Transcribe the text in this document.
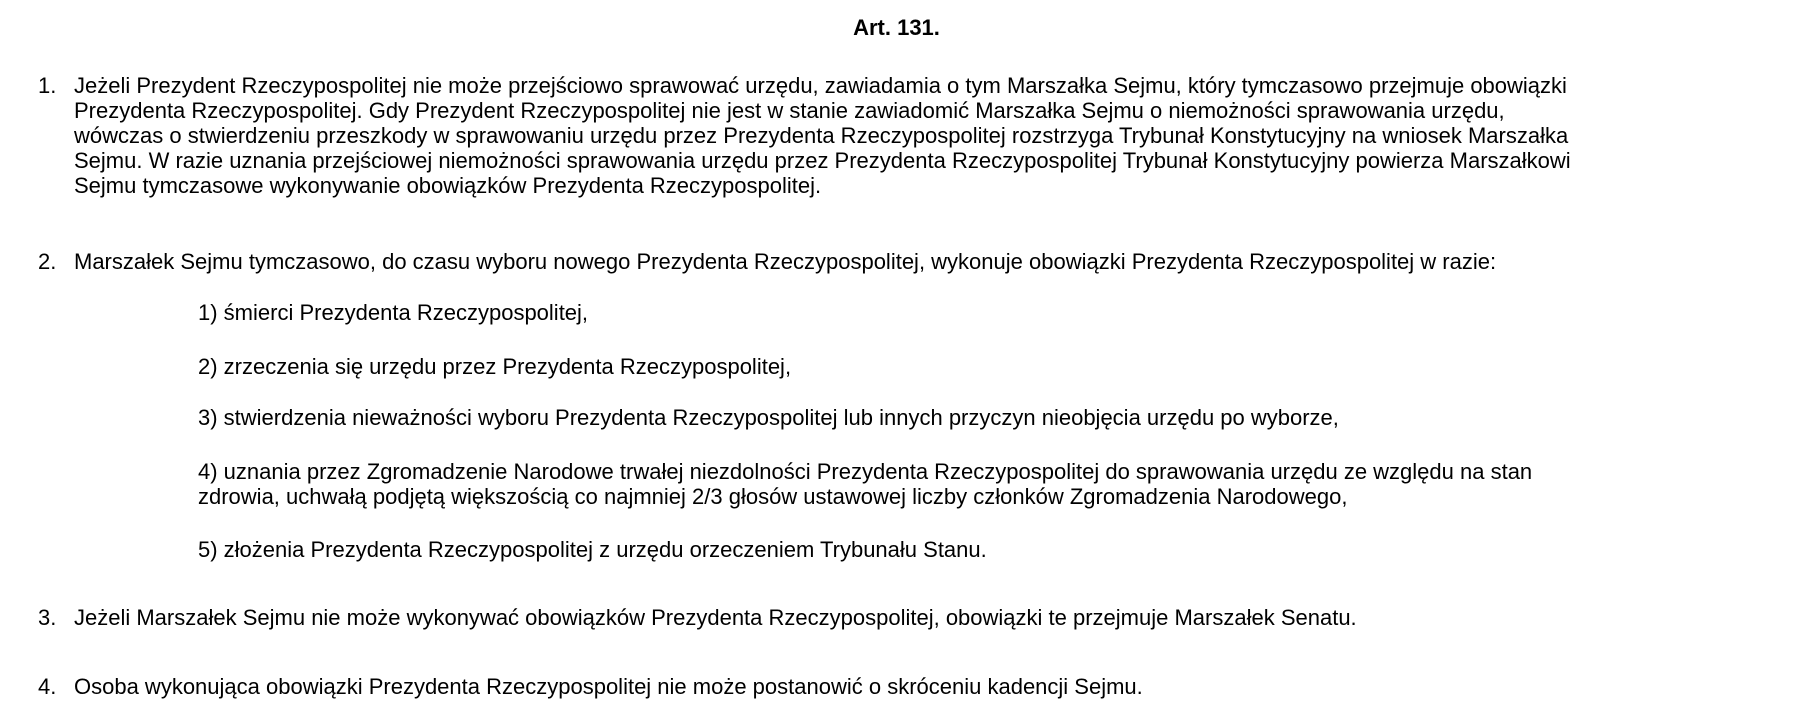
Art. 131.
1. Jeżeli Prezydent Rzeczypospolitej nie może przejściowo sprawować urzędu, zawiadamia o tym Marszałka Sejmu, który tymczasowo przejmuje obowiązki
Prezydenta Rzeczypospolitej. Gdy Prezydent Rzeczypospolitej nie jest w stanie zawiadomić Marszałka Sejmu o niemożności sprawowania urzędu,
wówczas o stwierdzeniu przeszkody w sprawowaniu urzędu przez Prezydenta Rzeczypospolitej rozstrzyga Trybunał Konstytucyjny na wniosek Marszałka
Sejmu. W razie uznania przejściowej niemożności sprawowania urzędu przez Prezydenta Rzeczypospolitej Trybunał Konstytucyjny powierza Marszałkowi
Sejmu tymczasowe wykonywanie obowiązków Prezydenta Rzeczypospolitej.
2. Marszałek Sejmu tymczasowo, do czasu wyboru nowego Prezydenta Rzeczypospolitej, wykonuje obowiązki Prezydenta Rzeczypospolitej w razie:
1) śmierci Prezydenta Rzeczypospolitej,
2) zrzeczenia się urzędu przez Prezydenta Rzeczypospolitej,
3) stwierdzenia nieważności wyboru Prezydenta Rzeczypospolitej lub innych przyczyn nieobjęcia urzędu po wyborze,
4) uznania przez Zgromadzenie Narodowe trwałej niezdolności Prezydenta Rzeczypospolitej do sprawowania urzędu ze względu na stan
zdrowia, uchwałą podjętą większością co najmniej 2/3 głosów ustawowej liczby członków Zgromadzenia Narodowego,
5) złożenia Prezydenta Rzeczypospolitej z urzędu orzeczeniem Trybunału Stanu.
3. Jeżeli Marszałek Sejmu nie może wykonywać obowiązków Prezydenta Rzeczypospolitej, obowiązki te przejmuje Marszałek Senatu.
4. Osoba wykonująca obowiązki Prezydenta Rzeczypospolitej nie może postanowić o skróceniu kadencji Sejmu.
